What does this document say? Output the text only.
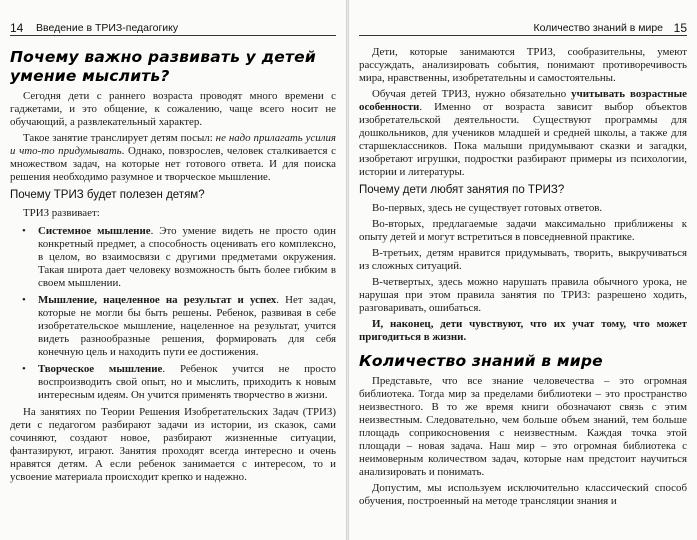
14 Введение в ТРИЗ-педагогику
Почему важно развивать у детей умение мыслить?

Сегодня дети с раннего возраста проводят много времени с гаджетами, и это общение, к сожалению, чаще всего носит не обучающий, а развлекательный характер.

Такое занятие транслирует детям посыл: не надо прилагать усилия и что-то придумывать. Однако, повзрослев, человек сталкивается с множеством задач, на которые нет готового ответа. И для поиска решения необходимо разумное и творческое мышление.

Почему ТРИЗ будет полезен детям?

ТРИЗ развивает:

• Системное мышление. Это умение видеть не просто один конкретный предмет, а способность оценивать его комплексно, в целом, во взаимосвязи с другими предметами окружения. Такая широта дает человеку возможность быть более гибким в своем мышлении.
• Мышление, нацеленное на результат и успех. Нет задач, которые не могли бы быть решены. Ребенок, развивая в себе изобретательское мышление, нацеленное на результат, учится видеть разнообразные решения, формировать для себя конечную цель и находить пути ее достижения.
• Творческое мышление. Ребенок учится не просто воспроизводить свой опыт, но и мыслить, приходить к новым интересным идеям. Он учится применять творчество в жизни.

На занятиях по Теории Решения Изобретательских Задач (ТРИЗ) дети с педагогом разбирают задачи из истории, из сказок, сами сочиняют, создают новое, разбирают жизненные ситуации, фантазируют, играют. Занятия проходят всегда интересно и очень нравятся детям. А если ребенок занимается с интересом, то и усвоение материала происходит крепко и надежно.

Количество знаний в мире 15

Дети, которые занимаются ТРИЗ, сообразительны, умеют рассуждать, анализировать события, понимают противоречивость мира, нравственны, изобретательны и самостоятельны.

Обучая детей ТРИЗ, нужно обязательно учитывать возрастные особенности. Именно от возраста зависит выбор объектов изобретательской деятельности. Существуют программы для дошкольников, для учеников младшей и средней школы, а также для старшеклассников. Пока малыши придумывают сказки и загадки, изобретают игрушки, подростки разбирают примеры из психологии, истории и литературы.

Почему дети любят занятия по ТРИЗ?

Во-первых, здесь не существует готовых ответов.

Во-вторых, предлагаемые задачи максимально приближены к опыту детей и могут встретиться в повседневной практике.

В-третьих, детям нравится придумывать, творить, выкручиваться из сложных ситуаций.

В-четвертых, здесь можно нарушать правила обычного урока, не нарушая при этом правила занятия по ТРИЗ: разрешено ходить, разговаривать, ошибаться.

И, наконец, дети чувствуют, что их учат тому, что может пригодиться в жизни.

Количество знаний в мире

Представьте, что все знание человечества – это огромная библиотека. Тогда мир за пределами библиотеки – это пространство неизвестного. В то же время книги обозначают связь с этим неизвестным. Следовательно, чем больше объем знаний, тем больше площадь соприкосновения с неизвестным. Каждая точка этой площади – новая задача. Наш мир – это огромная библиотека с неимоверным количеством задач, которые нам предстоит научиться анализировать и понимать.

Допустим, мы используем исключительно классический способ обучения, построенный на методе трансляции знания и
